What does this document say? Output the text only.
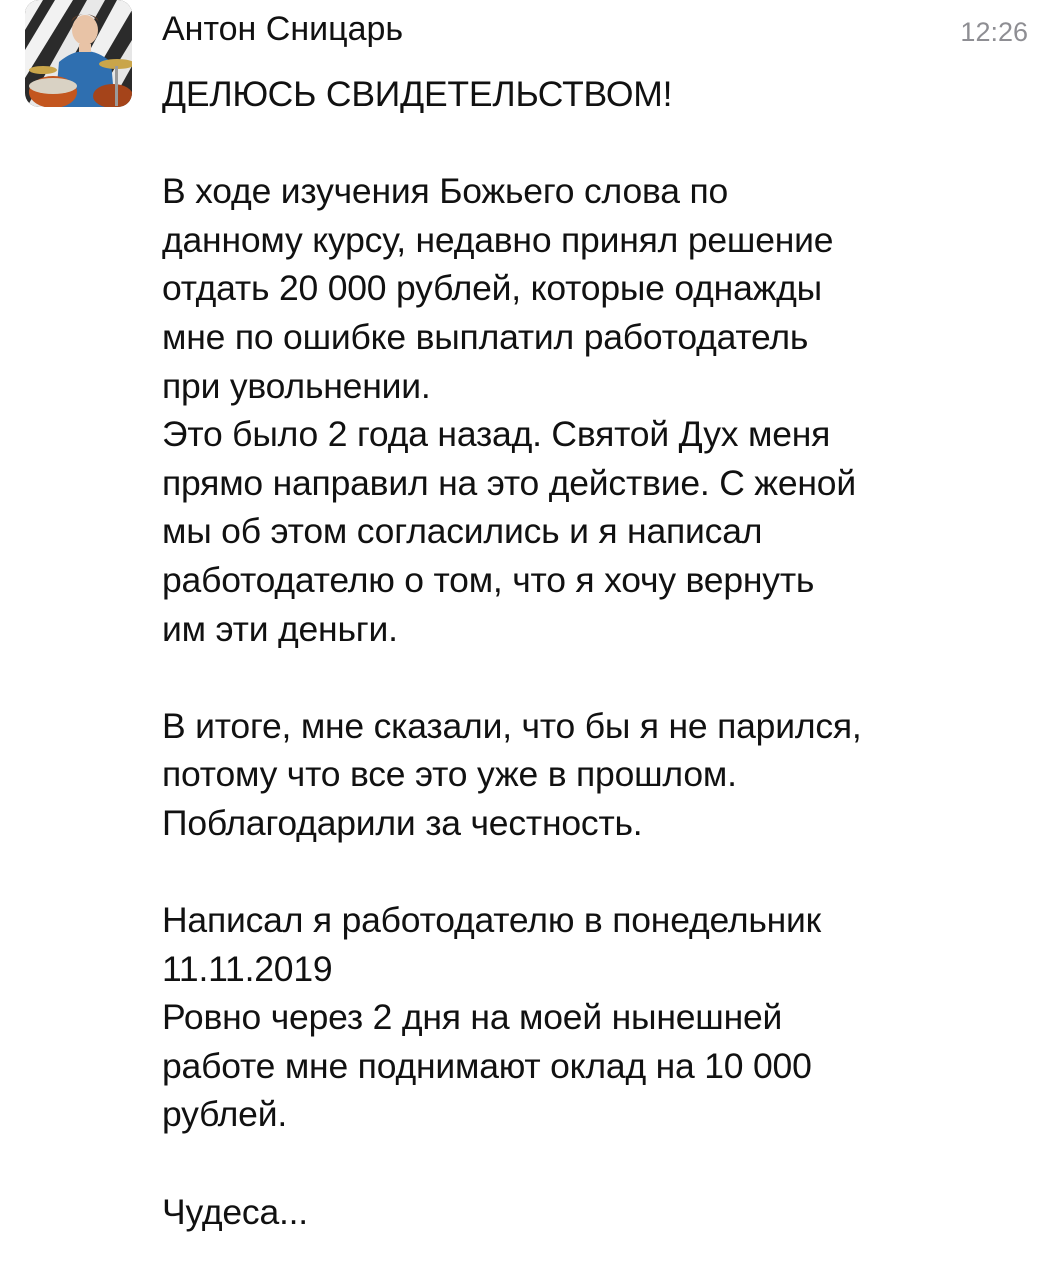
Антон Сницарь	12:26
ДЕЛЮСЬ СВИДЕТЕЛЬСТВОМ!
В ходе изучения Божьего слова по
данному курсу, недавно принял решение
отдать 20 000 рублей, которые однажды
мне по ошибке выплатил работодатель
при увольнении.
Это было 2 года назад. Святой Дух меня
прямо направил на это действие. С женой
мы об этом согласились и я написал
работодателю о том, что я хочу вернуть
им эти деньги.
В итоге, мне сказали, что бы я не парился,
потому что все это уже в прошлом.
Поблагодарили за честность.
Написал я работодателю в понедельник
11.11.2019
Ровно через 2 дня на моей нынешней
работе мне поднимают оклад на 10 000
рублей.
Чудеса...
